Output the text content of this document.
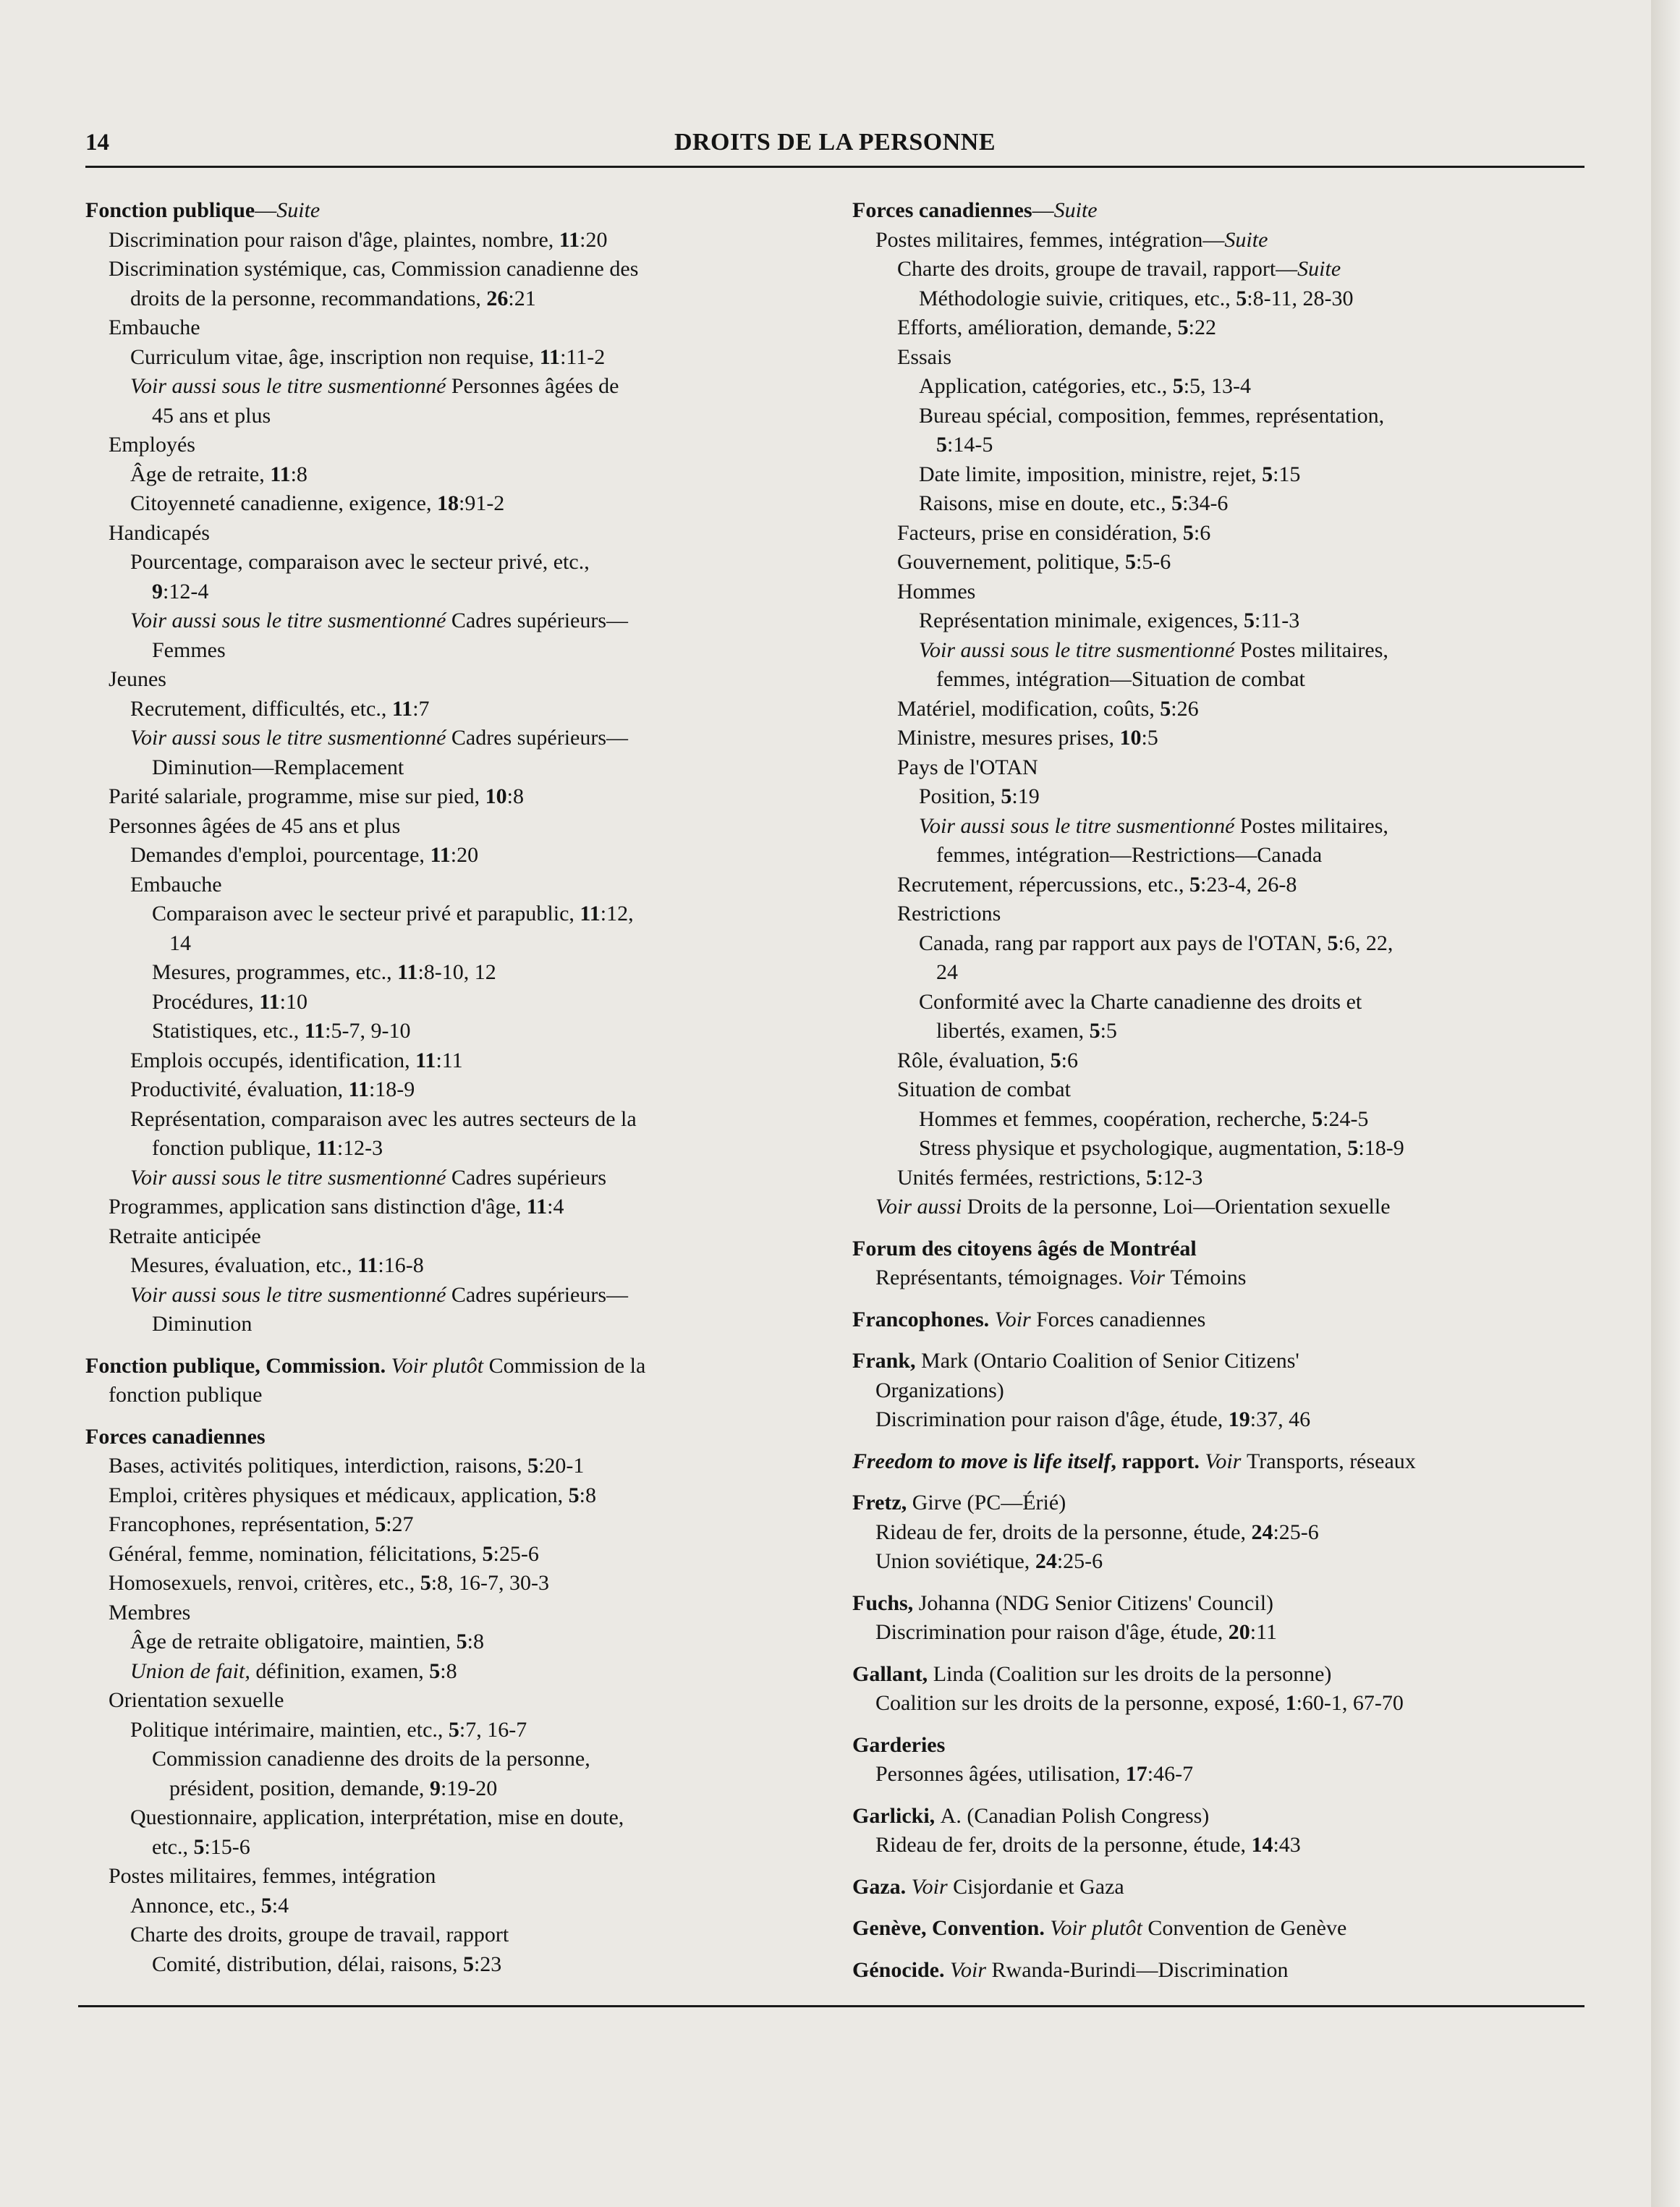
14	DROITS DE LA PERSONNE
Fonction publique—Suite
Discrimination pour raison d'âge, plaintes, nombre, 11:20
Discrimination systémique, cas, Commission canadienne des
droits de la personne, recommandations, 26:21
Embauche
Curriculum vitae, âge, inscription non requise, 11:11-2
Voir aussi sous le titre susmentionné Personnes âgées de
45 ans et plus
Employés
Âge de retraite, 11:8
Citoyenneté canadienne, exigence, 18:91-2
Handicapés
Pourcentage, comparaison avec le secteur privé, etc.,
9:12-4
Voir aussi sous le titre susmentionné Cadres supérieurs—
Femmes
Jeunes
Recrutement, difficultés, etc., 11:7
Voir aussi sous le titre susmentionné Cadres supérieurs—
Diminution—Remplacement
Parité salariale, programme, mise sur pied, 10:8
Personnes âgées de 45 ans et plus
Demandes d'emploi, pourcentage, 11:20
Embauche
Comparaison avec le secteur privé et parapublic, 11:12,
14
Mesures, programmes, etc., 11:8-10, 12
Procédures, 11:10
Statistiques, etc., 11:5-7, 9-10
Emplois occupés, identification, 11:11
Productivité, évaluation, 11:18-9
Représentation, comparaison avec les autres secteurs de la
fonction publique, 11:12-3
Voir aussi sous le titre susmentionné Cadres supérieurs
Programmes, application sans distinction d'âge, 11:4
Retraite anticipée
Mesures, évaluation, etc., 11:16-8
Voir aussi sous le titre susmentionné Cadres supérieurs—
Diminution
Fonction publique, Commission. Voir plutôt Commission de la
fonction publique
Forces canadiennes
Bases, activités politiques, interdiction, raisons, 5:20-1
Emploi, critères physiques et médicaux, application, 5:8
Francophones, représentation, 5:27
Général, femme, nomination, félicitations, 5:25-6
Homosexuels, renvoi, critères, etc., 5:8, 16-7, 30-3
Membres
Âge de retraite obligatoire, maintien, 5:8
Union de fait, définition, examen, 5:8
Orientation sexuelle
Politique intérimaire, maintien, etc., 5:7, 16-7
Commission canadienne des droits de la personne,
président, position, demande, 9:19-20
Questionnaire, application, interprétation, mise en doute,
etc., 5:15-6
Postes militaires, femmes, intégration
Annonce, etc., 5:4
Charte des droits, groupe de travail, rapport
Comité, distribution, délai, raisons, 5:23
Forces canadiennes—Suite
Postes militaires, femmes, intégration—Suite
Charte des droits, groupe de travail, rapport—Suite
Méthodologie suivie, critiques, etc., 5:8-11, 28-30
Efforts, amélioration, demande, 5:22
Essais
Application, catégories, etc., 5:5, 13-4
Bureau spécial, composition, femmes, représentation,
5:14-5
Date limite, imposition, ministre, rejet, 5:15
Raisons, mise en doute, etc., 5:34-6
Facteurs, prise en considération, 5:6
Gouvernement, politique, 5:5-6
Hommes
Représentation minimale, exigences, 5:11-3
Voir aussi sous le titre susmentionné Postes militaires,
femmes, intégration—Situation de combat
Matériel, modification, coûts, 5:26
Ministre, mesures prises, 10:5
Pays de l'OTAN
Position, 5:19
Voir aussi sous le titre susmentionné Postes militaires,
femmes, intégration—Restrictions—Canada
Recrutement, répercussions, etc., 5:23-4, 26-8
Restrictions
Canada, rang par rapport aux pays de l'OTAN, 5:6, 22,
24
Conformité avec la Charte canadienne des droits et
libertés, examen, 5:5
Rôle, évaluation, 5:6
Situation de combat
Hommes et femmes, coopération, recherche, 5:24-5
Stress physique et psychologique, augmentation, 5:18-9
Unités fermées, restrictions, 5:12-3
Voir aussi Droits de la personne, Loi—Orientation sexuelle
Forum des citoyens âgés de Montréal
Représentants, témoignages. Voir Témoins
Francophones. Voir Forces canadiennes
Frank, Mark (Ontario Coalition of Senior Citizens'
Organizations)
Discrimination pour raison d'âge, étude, 19:37, 46
Freedom to move is life itself, rapport. Voir Transports, réseaux
Fretz, Girve (PC—Érié)
Rideau de fer, droits de la personne, étude, 24:25-6
Union soviétique, 24:25-6
Fuchs, Johanna (NDG Senior Citizens' Council)
Discrimination pour raison d'âge, étude, 20:11
Gallant, Linda (Coalition sur les droits de la personne)
Coalition sur les droits de la personne, exposé, 1:60-1, 67-70
Garderies
Personnes âgées, utilisation, 17:46-7
Garlicki, A. (Canadian Polish Congress)
Rideau de fer, droits de la personne, étude, 14:43
Gaza. Voir Cisjordanie et Gaza
Genève, Convention. Voir plutôt Convention de Genève
Génocide. Voir Rwanda-Burindi—Discrimination
